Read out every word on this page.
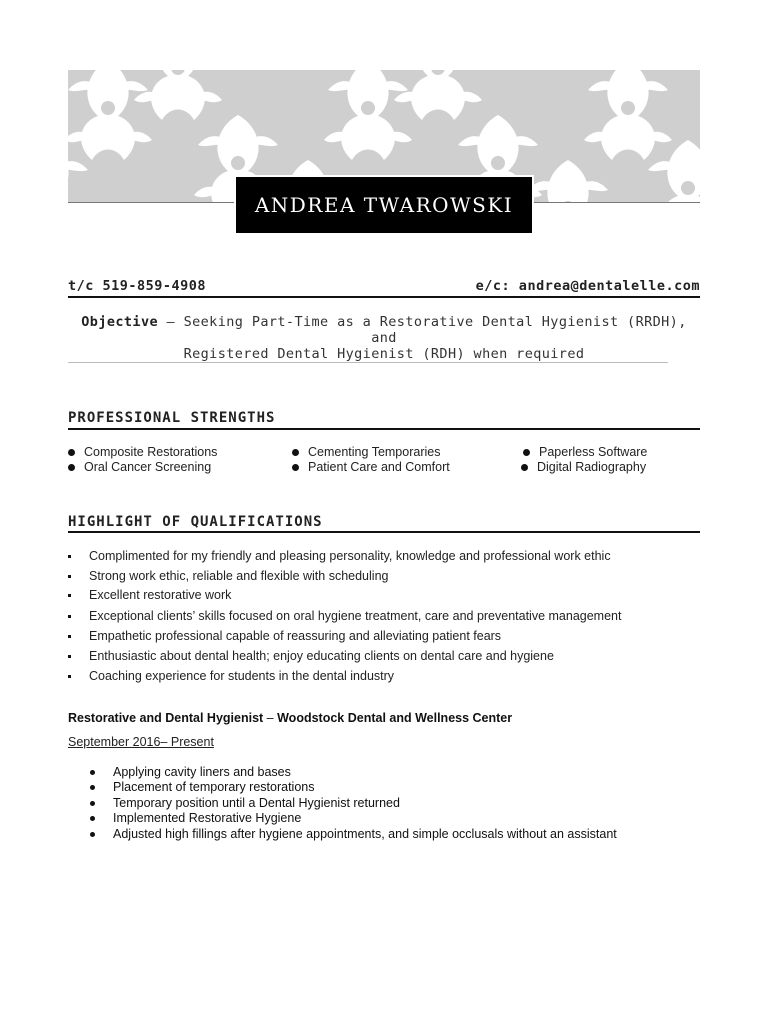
ANDREA TWAROWSKI
t/c 519-859-4908	e/c: andrea@dentalelle.com
Objective – Seeking Part-Time as a Restorative Dental Hygienist (RRDH), and
Registered Dental Hygienist (RDH) when required
PROFESSIONAL STRENGTHS
Composite Restorations	Cementing Temporaries	Paperless Software
Oral Cancer Screening	Patient Care and Comfort	Digital Radiography
HIGHLIGHT OF QUALIFICATIONS
Complimented for my friendly and pleasing personality, knowledge and professional work ethic
Strong work ethic, reliable and flexible with scheduling
Excellent restorative work
Exceptional clients’ skills focused on oral hygiene treatment, care and preventative management
Empathetic professional capable of reassuring and alleviating patient fears
Enthusiastic about dental health; enjoy educating clients on dental care and hygiene
Coaching experience for students in the dental industry
Restorative and Dental Hygienist – Woodstock Dental and Wellness Center
September 2016– Present
Applying cavity liners and bases
Placement of temporary restorations
Temporary position until a Dental Hygienist returned
Implemented Restorative Hygiene
Adjusted high fillings after hygiene appointments, and simple occlusals without an assistant
